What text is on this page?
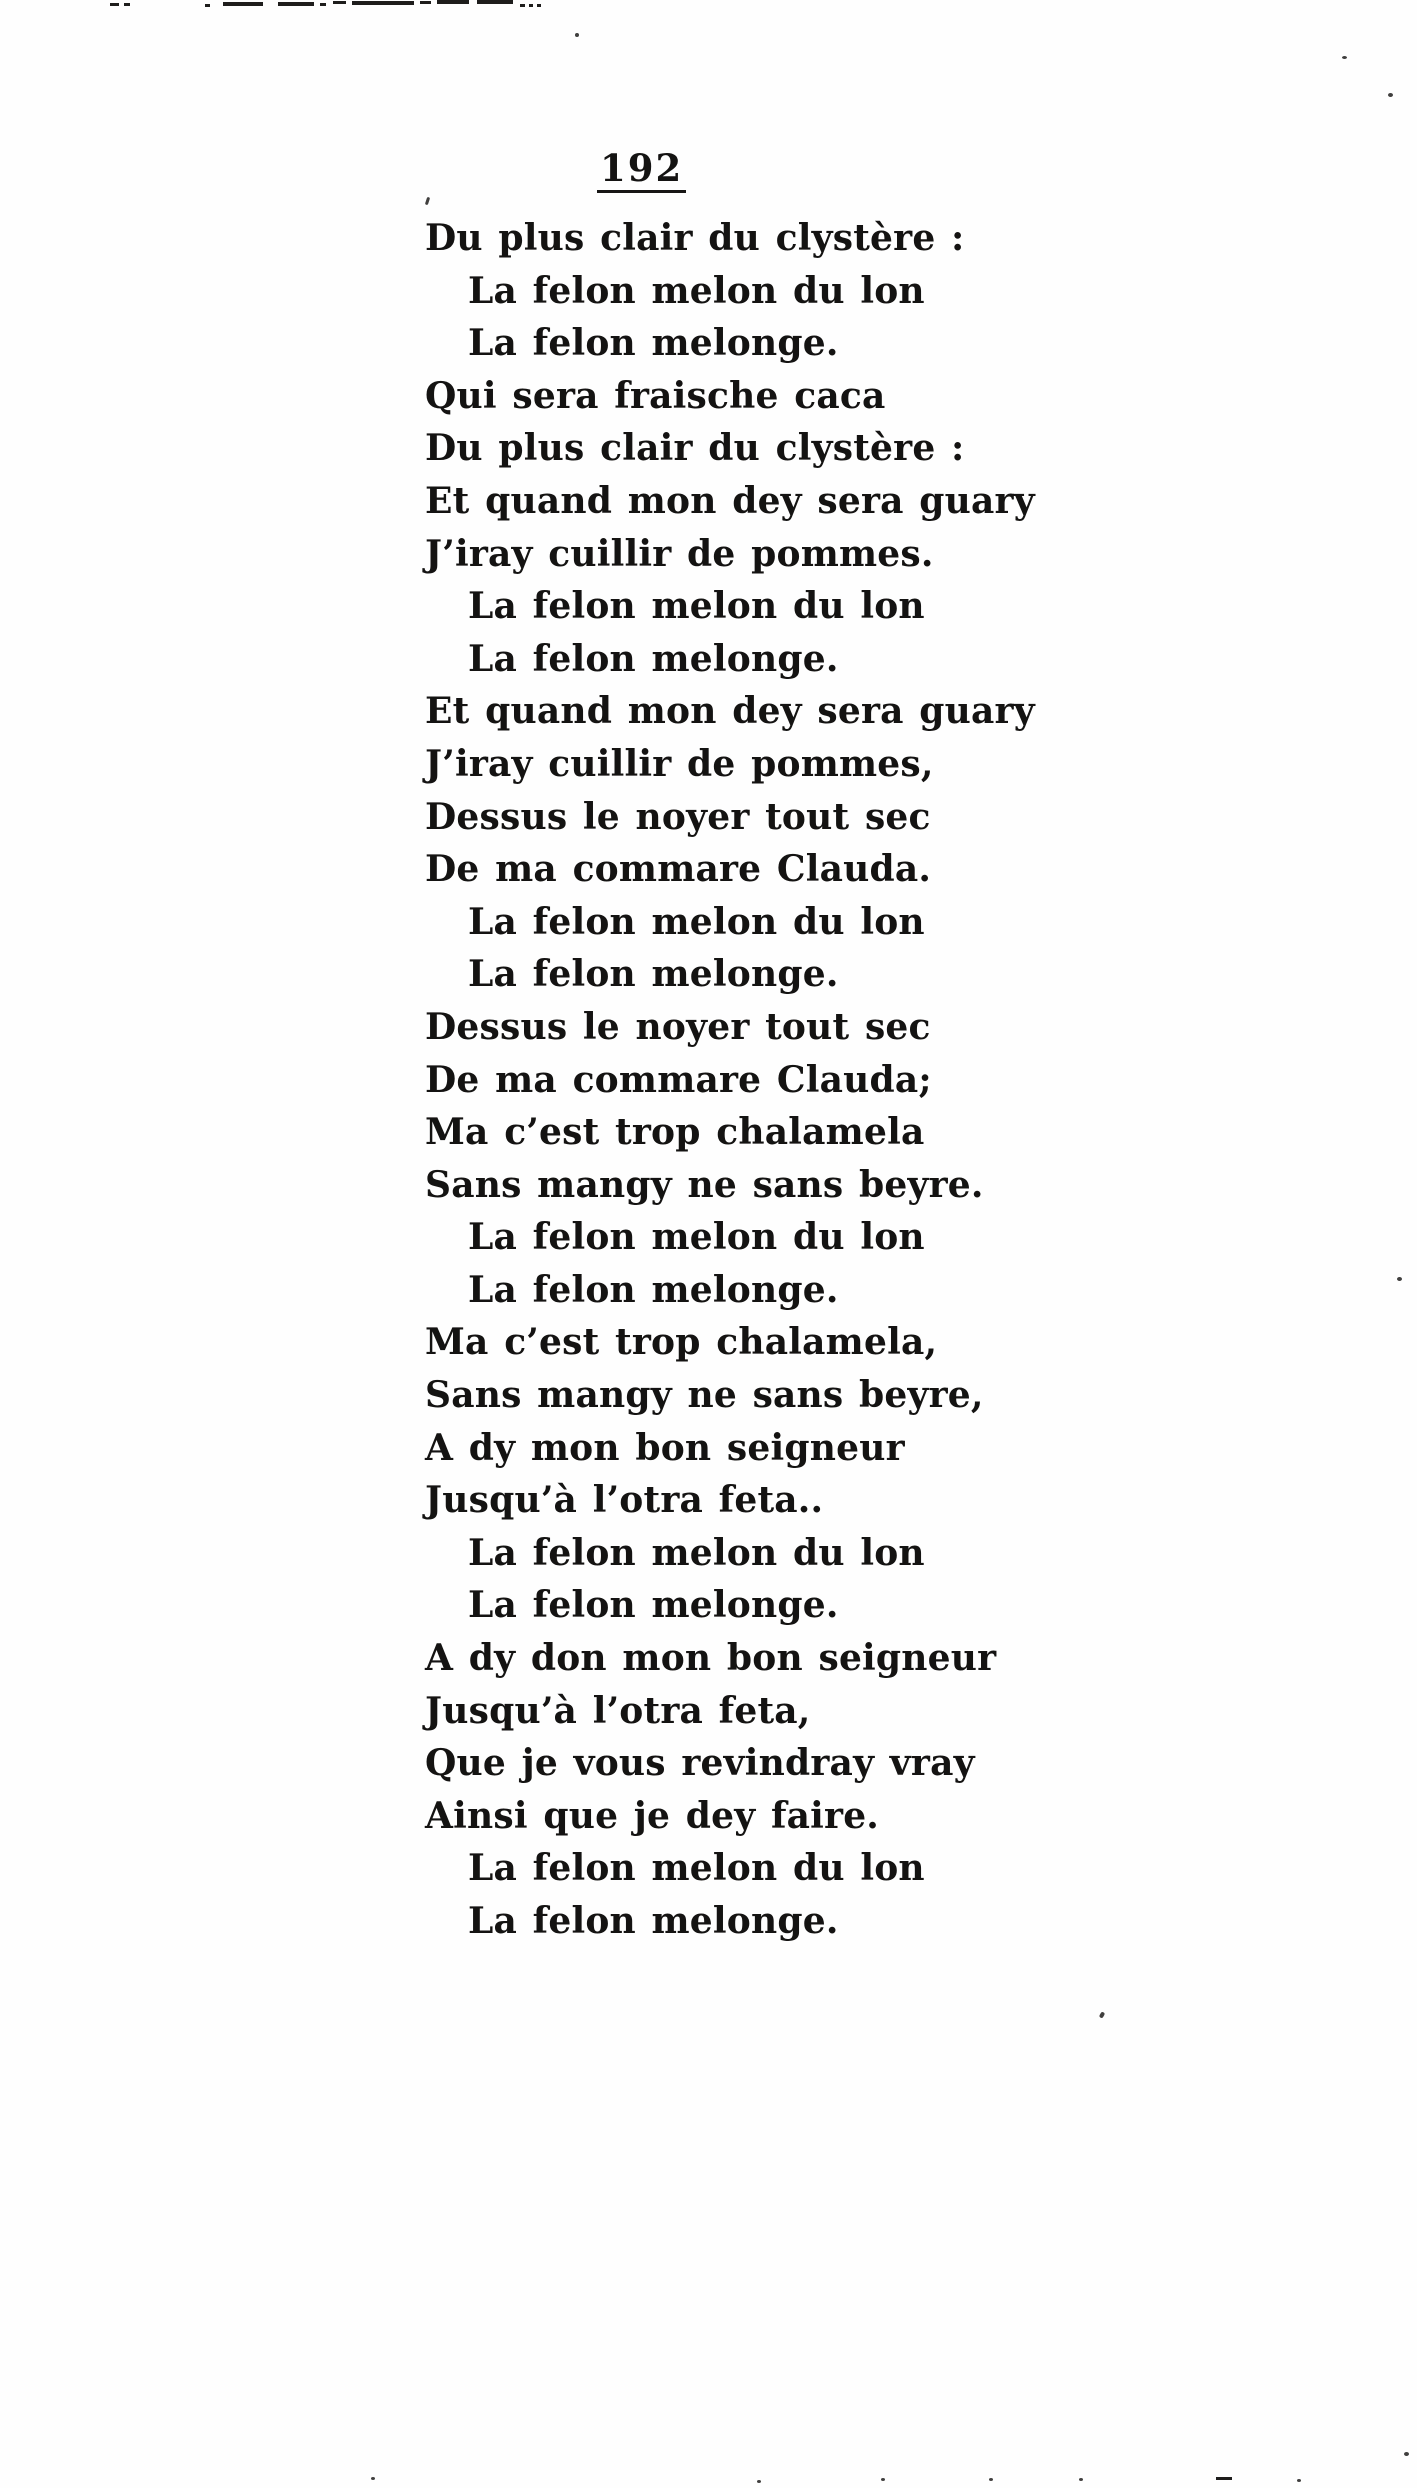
192
Du plus clair du clystère :
La felon melon du lon
La felon melonge.
Qui sera fraische caca
Du plus clair du clystère :
Et quand mon dey sera guary
J’iray cuillir de pommes.
La felon melon du lon
La felon melonge.
Et quand mon dey sera guary
J’iray cuillir de pommes,
Dessus le noyer tout sec
De ma commare Clauda.
La felon melon du lon
La felon melonge.
Dessus le noyer tout sec
De ma commare Clauda;
Ma c’est trop chalamela
Sans mangy ne sans beyre.
La felon melon du lon
La felon melonge.
Ma c’est trop chalamela,
Sans mangy ne sans beyre,
A dy mon bon seigneur
Jusqu’à l’otra feta..
La felon melon du lon
La felon melonge.
A dy don mon bon seigneur
Jusqu’à l’otra feta,
Que je vous revindray vray
Ainsi que je dey faire.
La felon melon du lon
La felon melonge.
